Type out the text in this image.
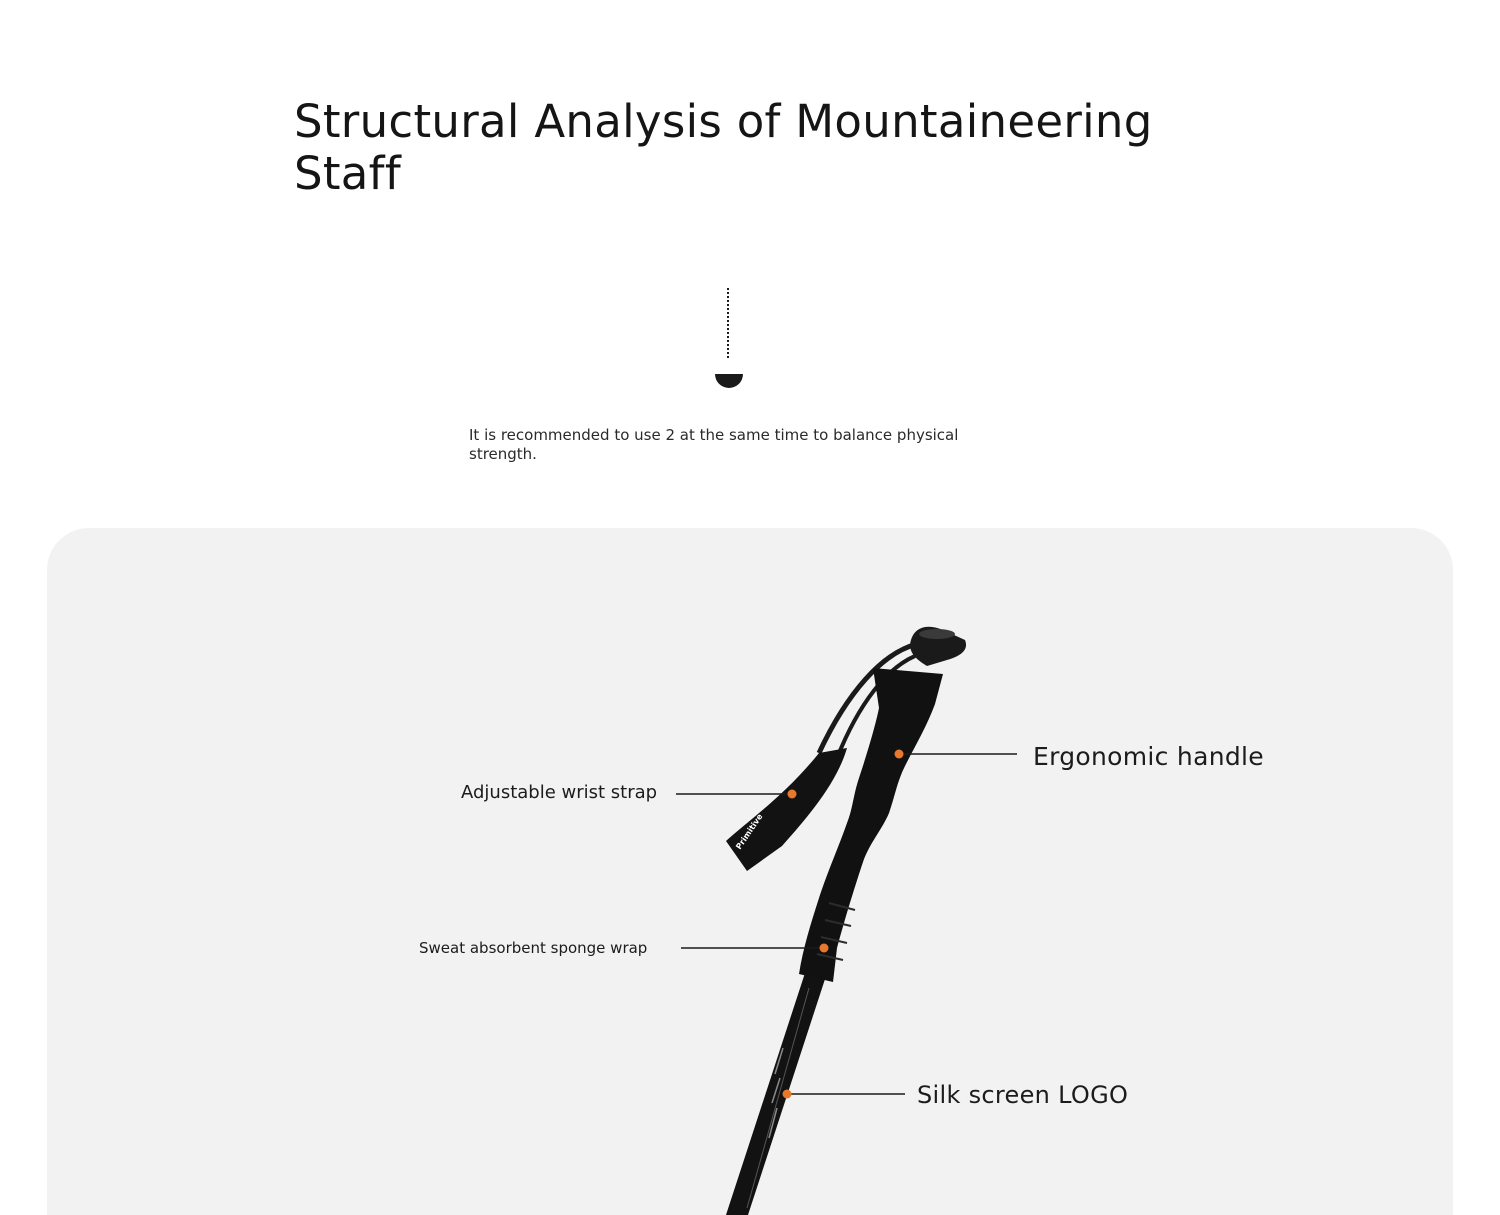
Structural Analysis of Mountaineering Staff

It is recommended to use 2 at the same time to balance physical strength.

Primitive
Adjustable wrist strap
Ergonomic handle
Sweat absorbent sponge wrap
Silk screen LOGO
